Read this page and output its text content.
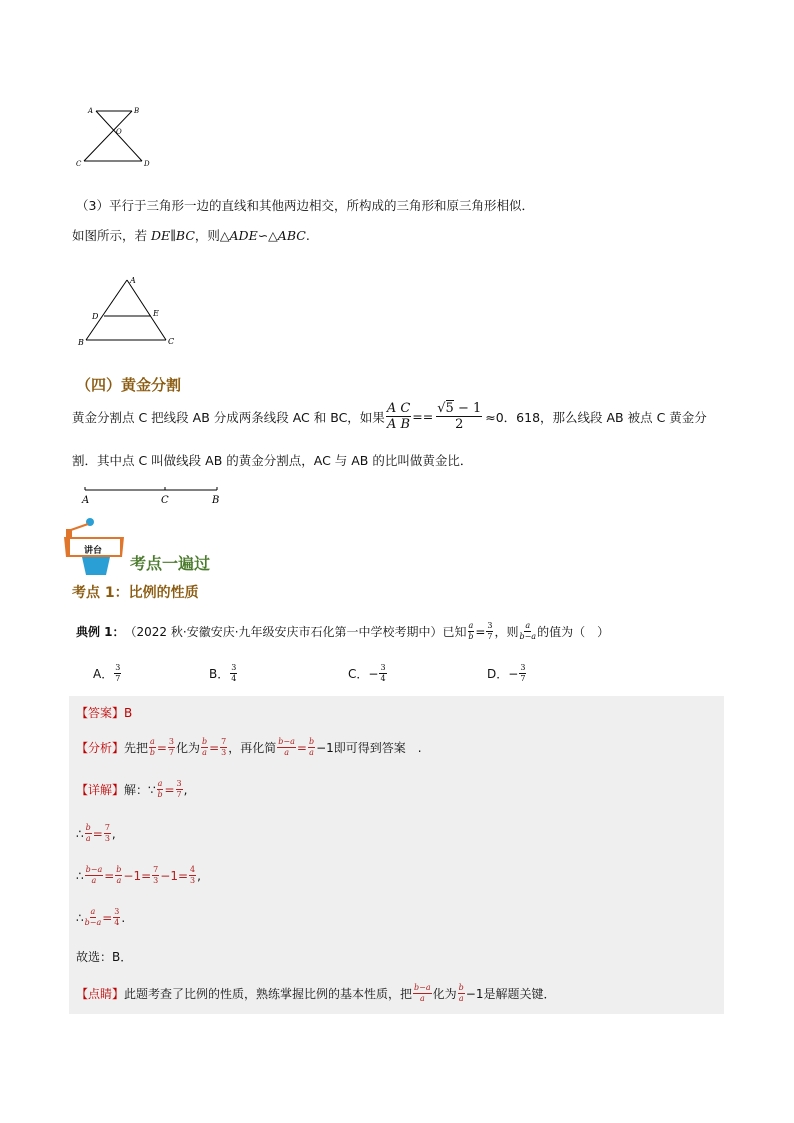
A	B
O
C	D
（3）平行于三角形一边的直线和其他两边相交，所构成的三角形和原三角形相似．
如图所示，若 DE∥BC，则△ADE∽△ABC.
A
D	E
B	C
（四）黄金分割
黄金分割点 C 把线段 AB 分成两条线段 AC 和 BC，如果 $\frac{\text{A C}}{\text{A B}} == \frac{√5 - 1}{2} \approx 0$．618，那么线段 AB 被点 C 黄金分
割．其中点 C 叫做线段 AB 的黄金分割点，AC 与 AB 的比叫做黄金比．
A	C	B
讲台
考点一遍过
考点 1：比例的性质
典例 1： （2022 秋·安徽安庆·九年级安庆市石化第一中学校考期中）已知 $\frac{a}{b} = \frac{3}{7}$ ，则 $\frac{a}{b-a}$ 的值为（　）
A． $\frac{3}{7}$	B． $\frac{3}{4}$	C． − $\frac{3}{4}$	D． − $\frac{3}{7}$
【答案】B
【分析】 先把 $\frac{a}{b} = \frac{3}{7}$ 化为 $\frac{b}{a} = \frac{7}{3}$ ，再化简 $\frac{b-a}{a} = \frac{b}{a} -1$即可得到答案　.
【详解】 解：∵ $\frac{a}{b} = \frac{3}{7}$ ,
∴ $\frac{b}{a} = \frac{7}{3}$ ,
∴ $\frac{b-a}{a} = \frac{b}{a} -1= \frac{7}{3} -1= \frac{4}{3}$ ,
∴ $\frac{a}{b-a} = \frac{3}{4}$ .
故选：B．
【点睛】 此题考查了比例的性质，熟练掌握比例的基本性质，把 $\frac{b-a}{a}$ 化为 $\frac{b}{a} -1$是解题关键．
